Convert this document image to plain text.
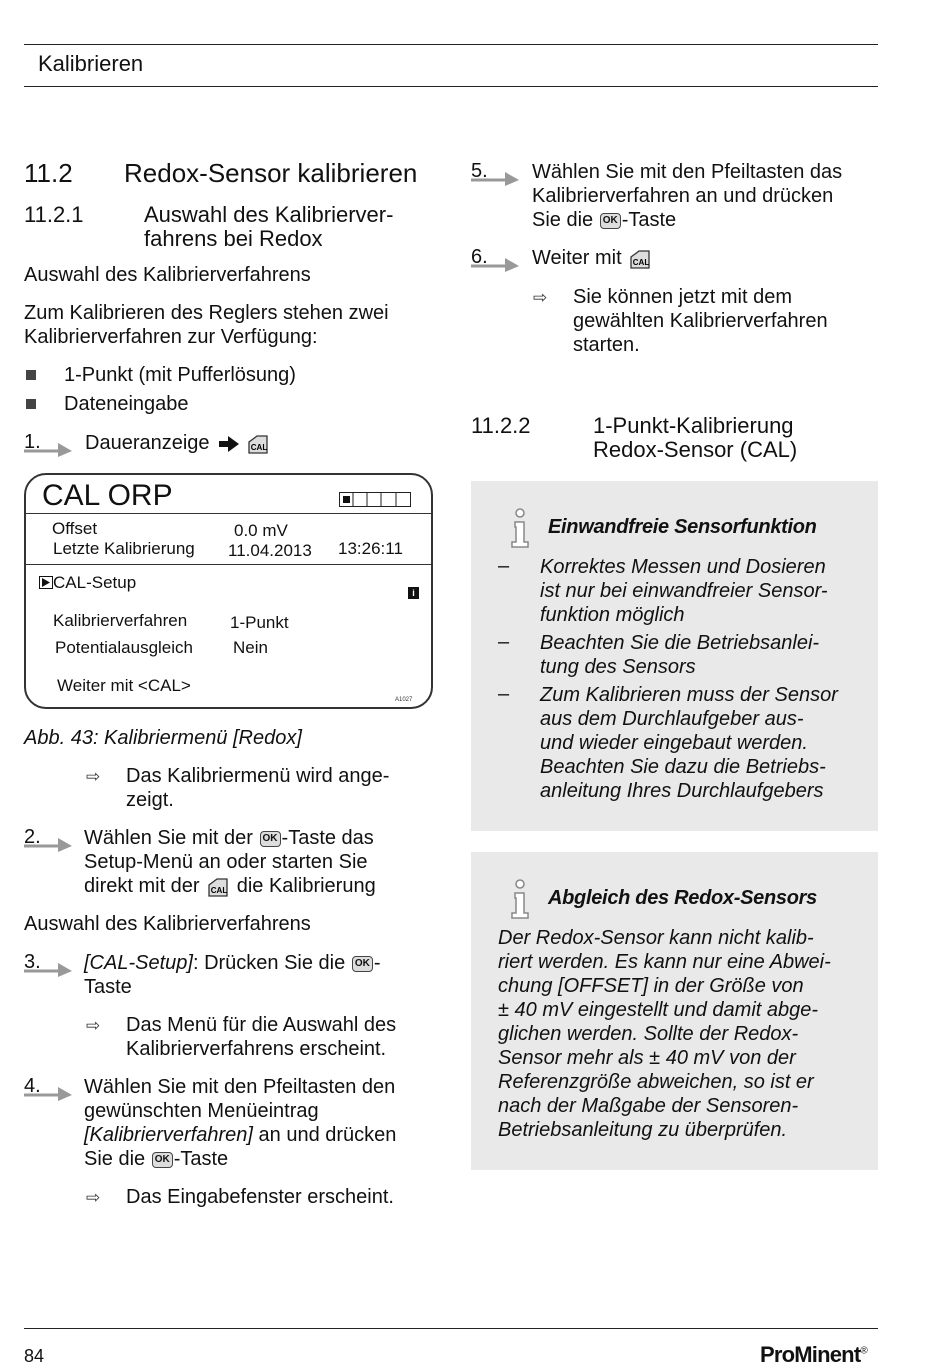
Kalibrieren
11.2 Redox-Sensor kalibrieren
11.2.1	Auswahl des Kalibrierver-
fahrens bei Redox
Auswahl des Kalibrierverfahrens
Zum Kalibrieren des Reglers stehen zwei
Kalibrierverfahren zur Verfügung:
1-Punkt (mit Pufferlösung)
Dateneingabe
1. Daueranzeige	CAL
CAL ORP
Offset	0.0 mV
Letzte Kalibrierung 11.04.2013 13:26:11
CAL-Setup
i
Kalibrierverfahren	1-Punkt
Potentialausgleich Nein
Weiter mit <CAL>
A1027
Abb. 43: Kalibriermenü [Redox]
⇨ Das Kalibriermenü wird ange-
zeigt.
2. Wählen Sie mit der OK -Taste das
Setup-Menü an oder starten Sie
direkt mit der CAL die Kalibrierung
Auswahl des Kalibrierverfahrens
3. [CAL-Setup]: Drücken Sie die OK -
Taste
⇨ Das Menü für die Auswahl des
Kalibrierverfahrens erscheint.
4. Wählen Sie mit den Pfeiltasten den
gewünschten Menüeintrag
[Kalibrierverfahren] an und drücken
Sie die OK -Taste
⇨ Das Eingabefenster erscheint.
5. Wählen Sie mit den Pfeiltasten das
Kalibrierverfahren an und drücken
Sie die OK -Taste
6. Weiter mit CAL
⇨ Sie können jetzt mit dem
gewählten Kalibrierverfahren
starten.
11.2.2	1-Punkt-Kalibrierung
Redox-Sensor (CAL)
Einwandfreie Sensorfunktion
– Korrektes Messen und Dosieren
ist nur bei einwandfreier Sensor-
funktion möglich
– Beachten Sie die Betriebsanlei-
tung des Sensors
– Zum Kalibrieren muss der Sensor
aus dem Durchlaufgeber aus-
und wieder eingebaut werden.
Beachten Sie dazu die Betriebs-
anleitung Ihres Durchlaufgebers
Abgleich des Redox-Sensors
Der Redox-Sensor kann nicht kalib-
riert werden. Es kann nur eine Abwei-
chung [OFFSET] in der Größe von
± 40 mV eingestellt und damit abge-
glichen werden. Sollte der Redox-
Sensor mehr als ± 40 mV von der
Referenzgröße abweichen, so ist er
nach der Maßgabe der Sensoren-
Betriebsanleitung zu überprüfen.
84	ProMinent®
